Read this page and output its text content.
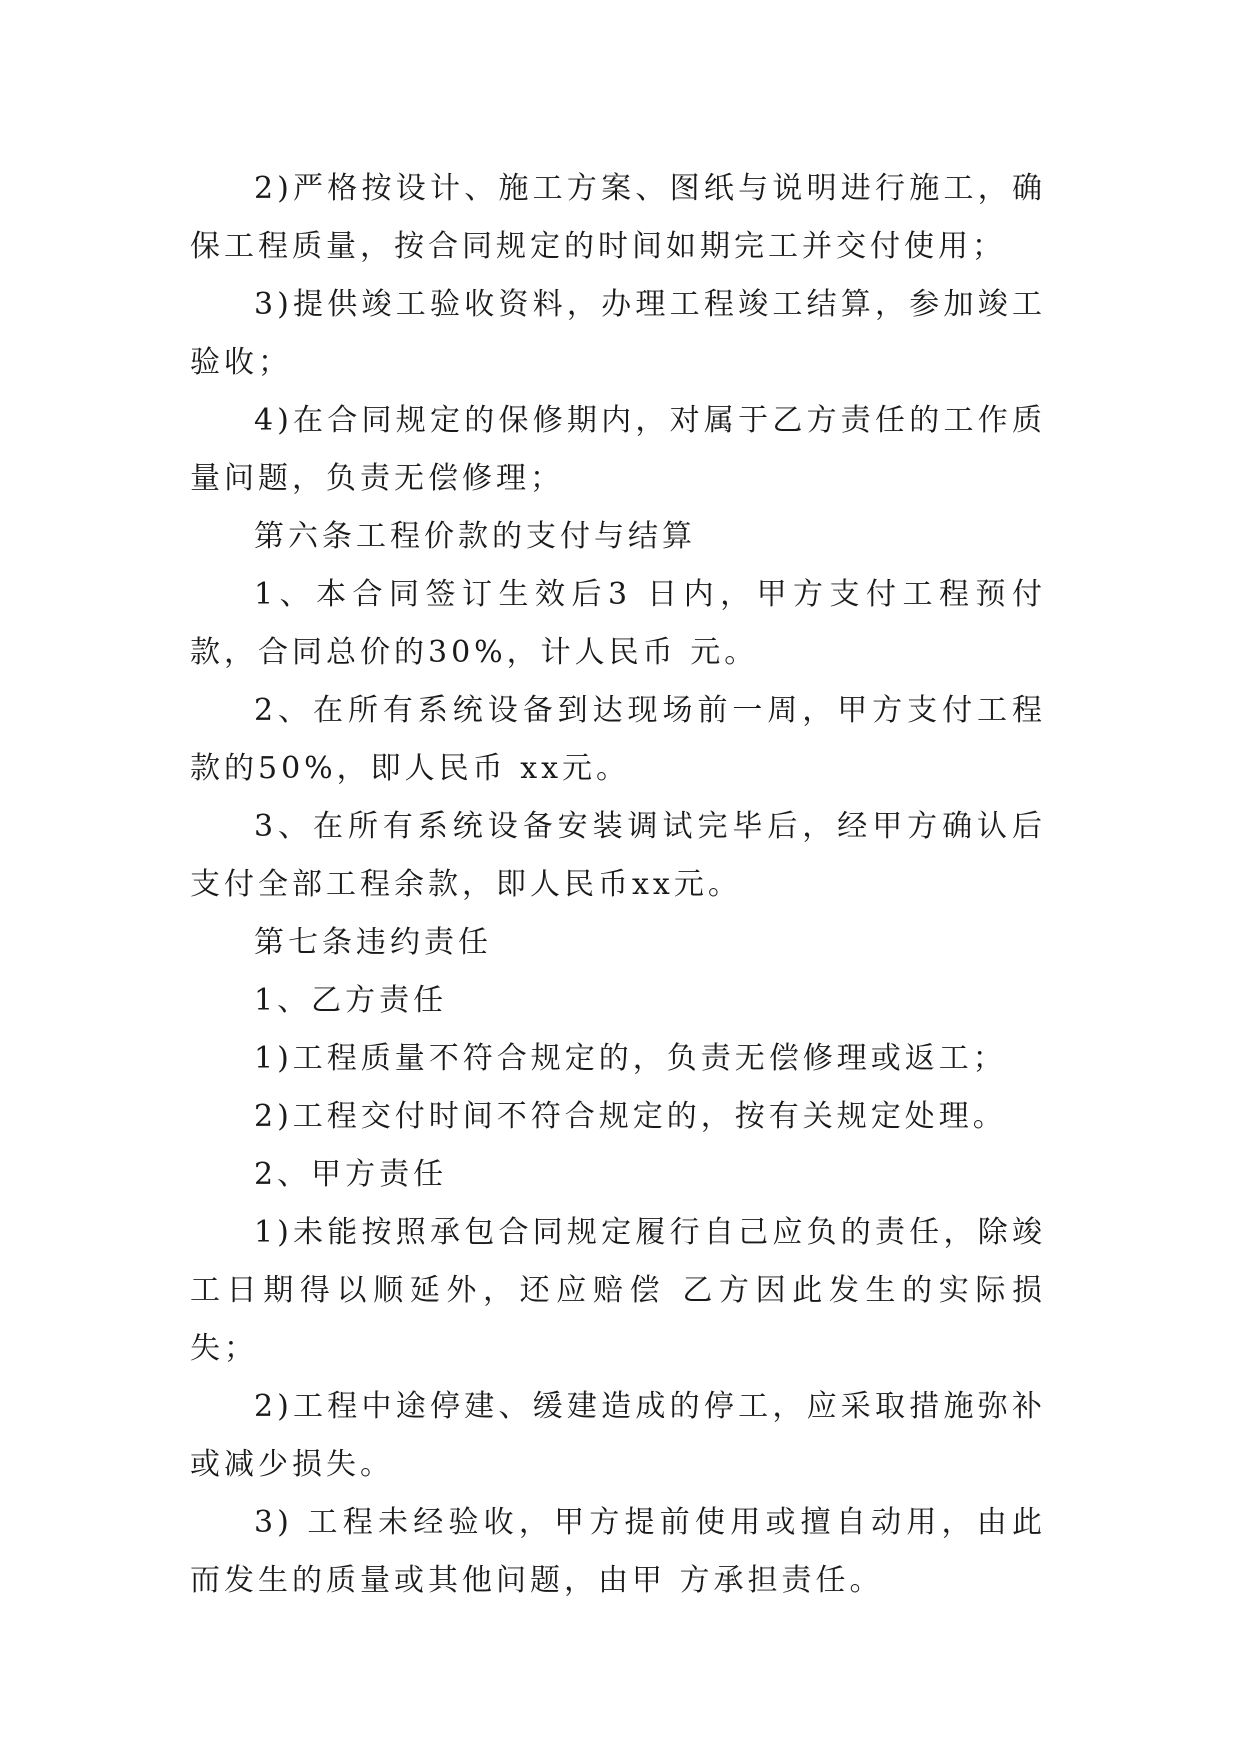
2)严格按设计、施工方案、图纸与说明进行施工，确保工程质量，按合同规定的时间如期完工并交付使用；

3)提供竣工验收资料，办理工程竣工结算，参加竣工验收；

4)在合同规定的保修期内，对属于乙方责任的工作质量问题，负责无偿修理；

第六条工程价款的支付与结算

1、本合同签订生效后3 日内，甲方支付工程预付款，合同总价的30%，计人民币 元。

2、在所有系统设备到达现场前一周，甲方支付工程款的50%，即人民币 xx元。

3、在所有系统设备安装调试完毕后，经甲方确认后支付全部工程余款，即人民币xx元。

第七条违约责任

1、乙方责任

1)工程质量不符合规定的，负责无偿修理或返工；

2)工程交付时间不符合规定的，按有关规定处理。

2、甲方责任

1)未能按照承包合同规定履行自己应负的责任，除竣工日期得以顺延外，还应赔偿 乙方因此发生的实际损失；

2)工程中途停建、缓建造成的停工，应采取措施弥补或减少损失。

3) 工程未经验收，甲方提前使用或擅自动用，由此而发生的质量或其他问题，由甲 方承担责任。
